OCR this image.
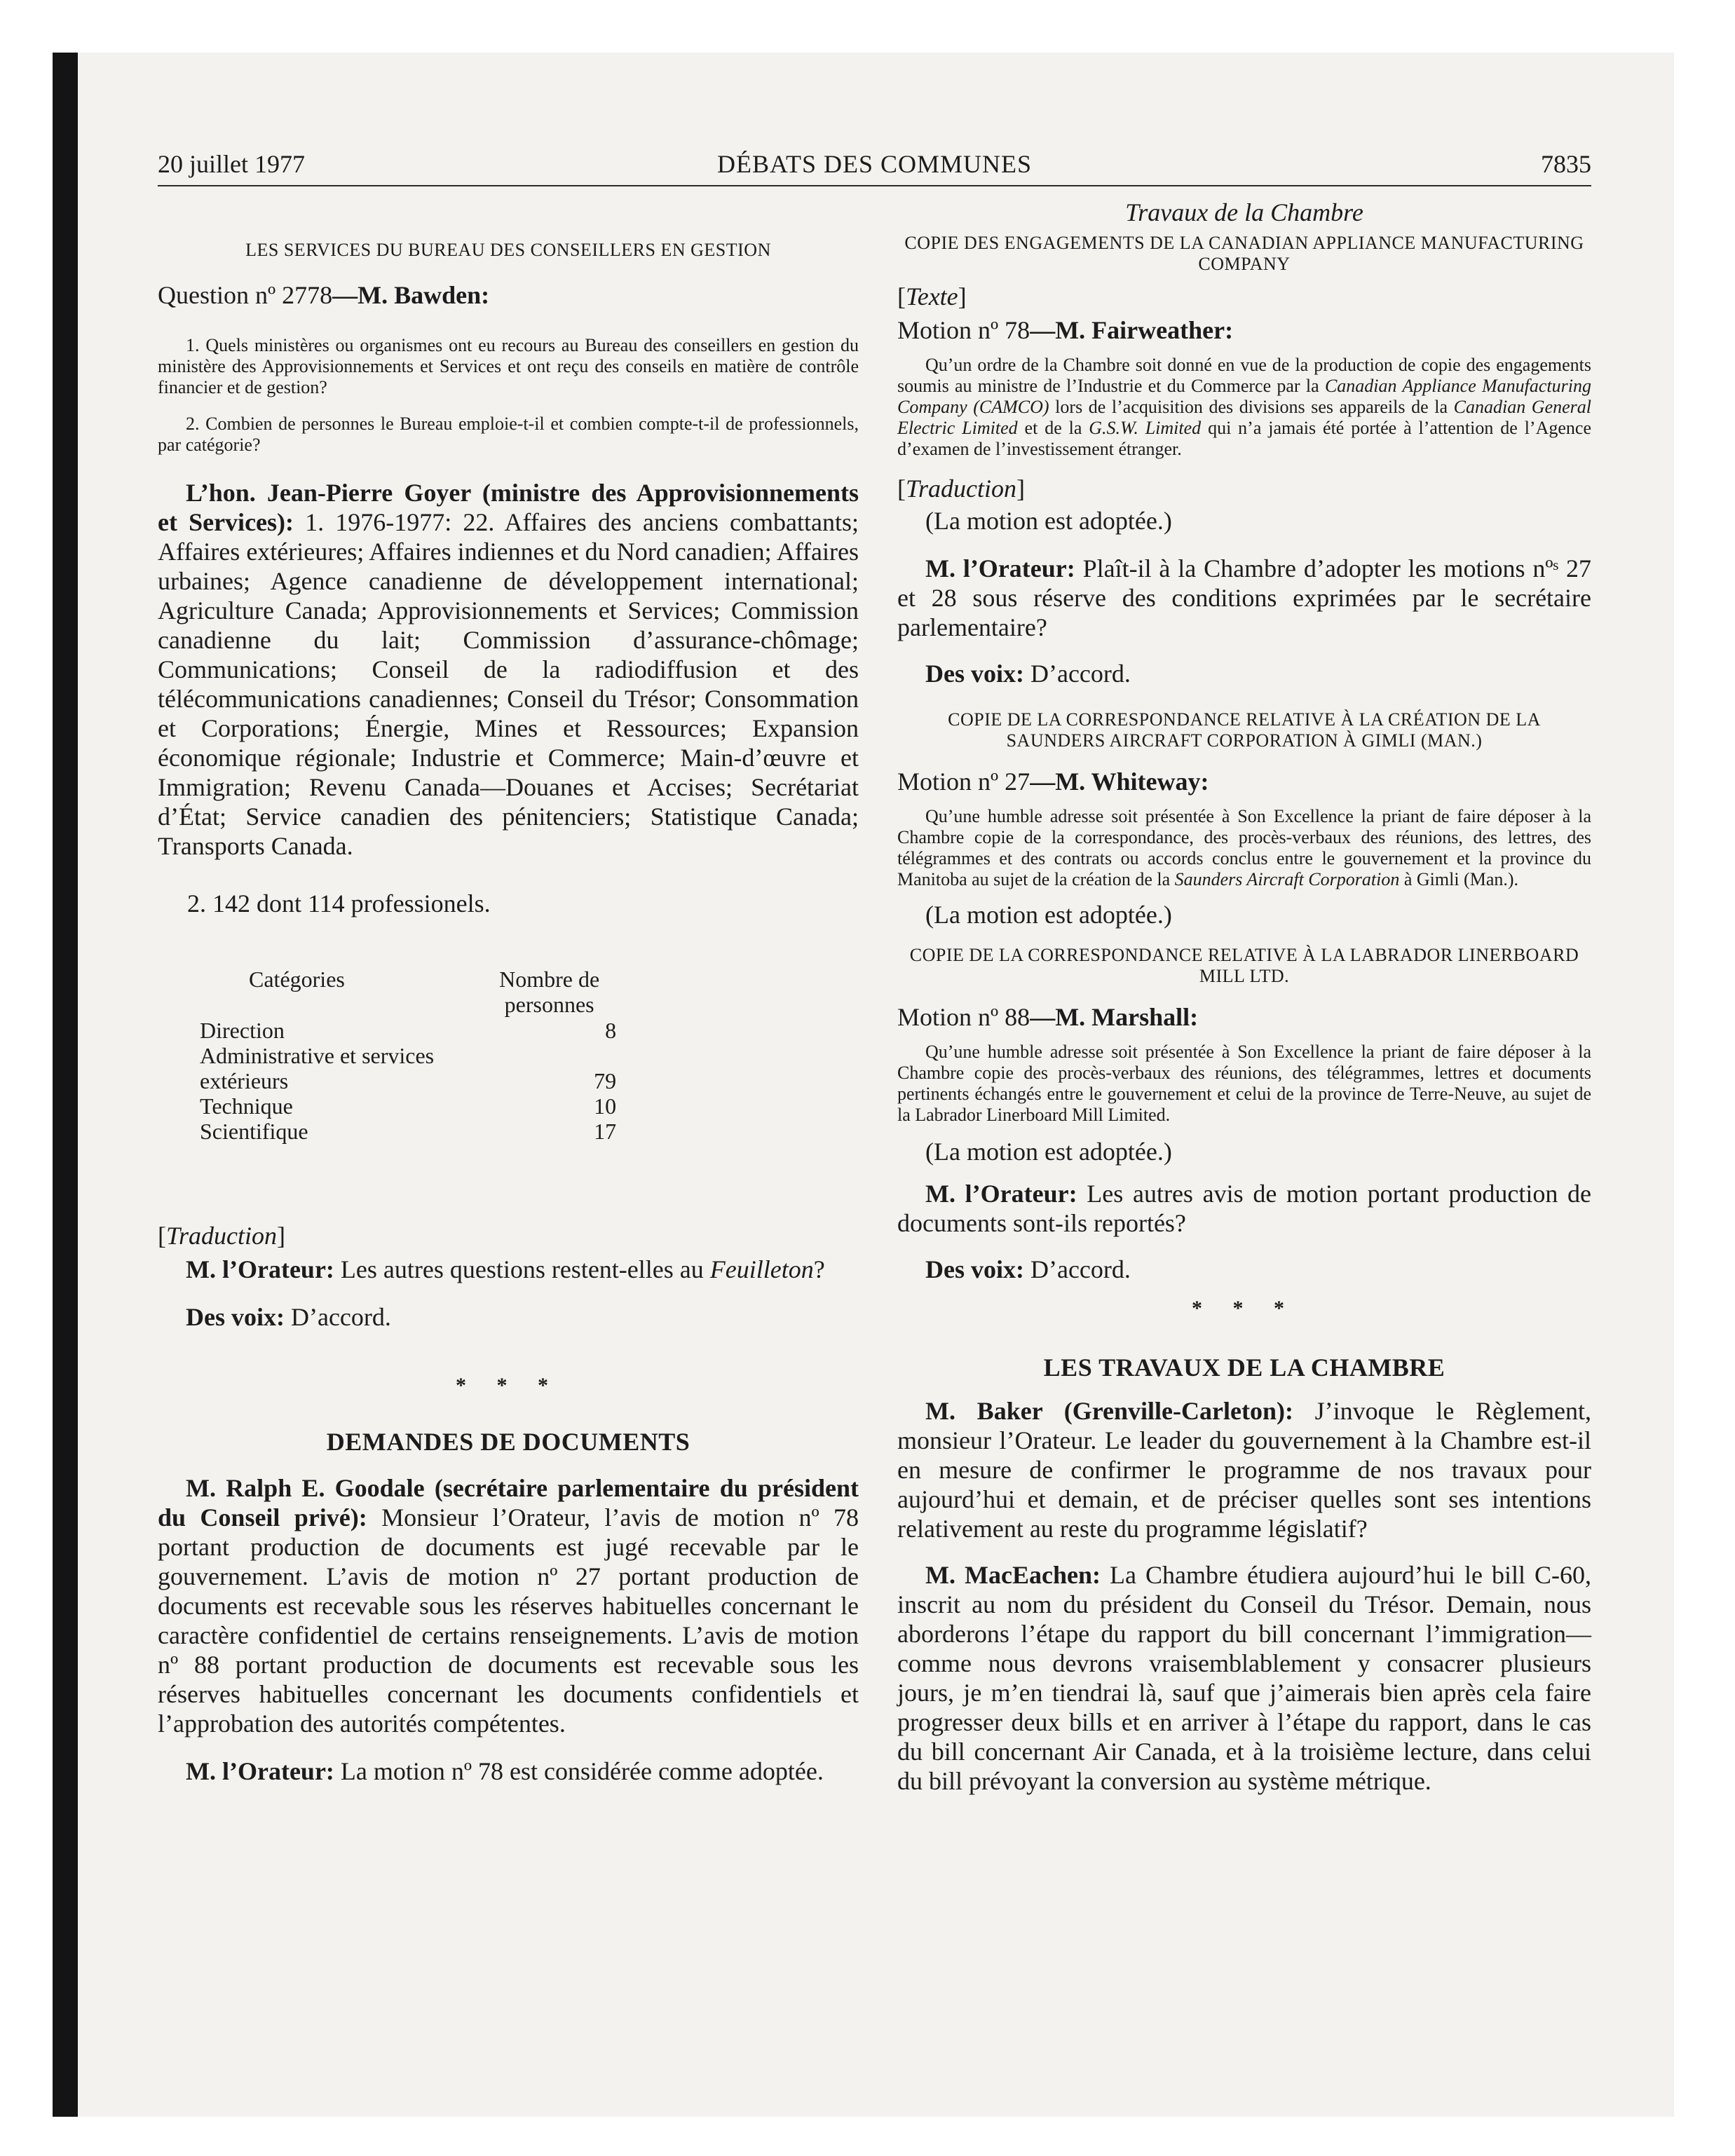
20 juillet 1977	DÉBATS DES COMMUNES	7835

LES SERVICES DU BUREAU DES CONSEILLERS EN GESTION

Question nº 2778—M. Bawden:

1. Quels ministères ou organismes ont eu recours au Bureau des conseillers en gestion du ministère des Approvisionnements et Services et ont reçu des conseils en matière de contrôle financier et de gestion?

2. Combien de personnes le Bureau emploie-t-il et combien compte-t-il de professionnels, par catégorie?

L’hon. Jean-Pierre Goyer (ministre des Approvisionnements et Services): 1. 1976-1977: 22. Affaires des anciens combattants; Affaires extérieures; Affaires indiennes et du Nord canadien; Affaires urbaines; Agence canadienne de développement international; Agriculture Canada; Approvisionnements et Services; Commission canadienne du lait; Commission d’assurance-chômage; Communications; Conseil de la radiodiffusion et des télécommunications canadiennes; Conseil du Trésor; Consommation et Corporations; Énergie, Mines et Ressources; Expansion économique régionale; Industrie et Commerce; Main-d’œuvre et Immigration; Revenu Canada—Douanes et Accises; Secrétariat d’État; Service canadien des pénitenciers; Statistique Canada; Transports Canada.

2. 142 dont 114 professionels.

Catégories	Nombre de
personnes
Direction	8
Administrative et services	
extérieurs	79
Technique	10
Scientifique	17

[Traduction]

M. l’Orateur: Les autres questions restent-elles au Feuilleton?

Des voix: D’accord.

* * *

DEMANDES DE DOCUMENTS

M. Ralph E. Goodale (secrétaire parlementaire du président du Conseil privé): Monsieur l’Orateur, l’avis de motion nº 78 portant production de documents est jugé recevable par le gouvernement. L’avis de motion nº 27 portant production de documents est recevable sous les réserves habituelles concernant le caractère confidentiel de certains renseignements. L’avis de motion nº 88 portant production de documents est recevable sous les réserves habituelles concernant les documents confidentiels et l’approbation des autorités compétentes.

M. l’Orateur: La motion nº 78 est considérée comme adoptée.

Travaux de la Chambre

COPIE DES ENGAGEMENTS DE LA CANADIAN APPLIANCE MANUFACTURING COMPANY

[Texte]

Motion nº 78—M. Fairweather:

Qu’un ordre de la Chambre soit donné en vue de la production de copie des engagements soumis au ministre de l’Industrie et du Commerce par la Canadian Appliance Manufacturing Company (CAMCO) lors de l’acquisition des divisions ses appareils de la Canadian General Electric Limited et de la G.S.W. Limited qui n’a jamais été portée à l’attention de l’Agence d’examen de l’investissement étranger.

[Traduction]

(La motion est adoptée.)

M. l’Orateur: Plaît-il à la Chambre d’adopter les motions nºˢ 27 et 28 sous réserve des conditions exprimées par le secrétaire parlementaire?

Des voix: D’accord.

COPIE DE LA CORRESPONDANCE RELATIVE À LA CRÉATION DE LA SAUNDERS AIRCRAFT CORPORATION À GIMLI (MAN.)

Motion nº 27—M. Whiteway:

Qu’une humble adresse soit présentée à Son Excellence la priant de faire déposer à la Chambre copie de la correspondance, des procès-verbaux des réunions, des lettres, des télégrammes et des contrats ou accords conclus entre le gouvernement et la province du Manitoba au sujet de la création de la Saunders Aircraft Corporation à Gimli (Man.).

(La motion est adoptée.)

COPIE DE LA CORRESPONDANCE RELATIVE À LA LABRADOR LINERBOARD MILL LTD.

Motion nº 88—M. Marshall:

Qu’une humble adresse soit présentée à Son Excellence la priant de faire déposer à la Chambre copie des procès-verbaux des réunions, des télégrammes, lettres et documents pertinents échangés entre le gouvernement et celui de la province de Terre-Neuve, au sujet de la Labrador Linerboard Mill Limited.

(La motion est adoptée.)

M. l’Orateur: Les autres avis de motion portant production de documents sont-ils reportés?

Des voix: D’accord.

* * *

LES TRAVAUX DE LA CHAMBRE

M. Baker (Grenville-Carleton): J’invoque le Règlement, monsieur l’Orateur. Le leader du gouvernement à la Chambre est-il en mesure de confirmer le programme de nos travaux pour aujourd’hui et demain, et de préciser quelles sont ses intentions relativement au reste du programme législatif?

M. MacEachen: La Chambre étudiera aujourd’hui le bill C-60, inscrit au nom du président du Conseil du Trésor. Demain, nous aborderons l’étape du rapport du bill concernant l’immigration—comme nous devrons vraisemblablement y consacrer plusieurs jours, je m’en tiendrai là, sauf que j’aimerais bien après cela faire progresser deux bills et en arriver à l’étape du rapport, dans le cas du bill concernant Air Canada, et à la troisième lecture, dans celui du bill prévoyant la conversion au système métrique.
